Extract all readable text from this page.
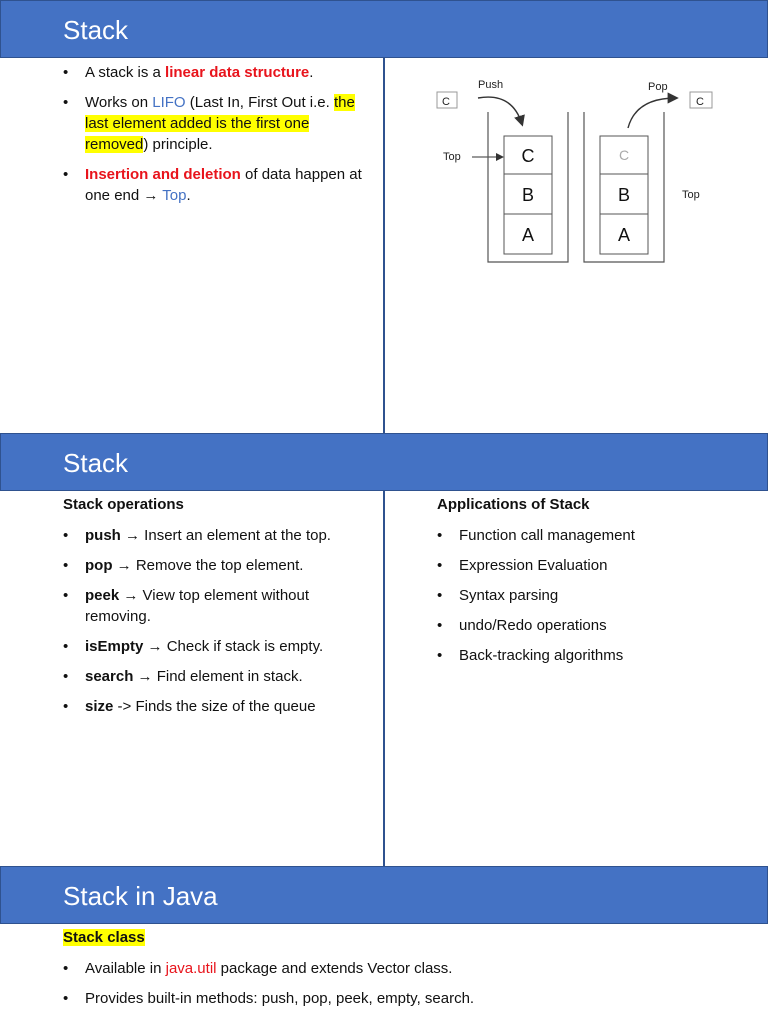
Stack
• A stack is a linear data structure.
• Works on LIFO (Last In, First Out i.e. the last element added is the first one removed) principle.
• Insertion and deletion of data happen at one end → Top.
C
Push
Top	C
B
A
C
B
A
Pop
C
Top
Stack
Stack operations
• push → Insert an element at the top.
• pop → Remove the top element.
• peek → View top element without removing.
• isEmpty → Check if stack is empty.
• search → Find element in stack.
• size -> Finds the size of the queue
Applications of Stack
• Function call management
• Expression Evaluation
• Syntax parsing
• undo/Redo operations
• Back-tracking algorithms
Stack in Java
Stack class
• Available in java.util package and extends Vector class.
• Provides built-in methods: push, pop, peek, empty, search.
